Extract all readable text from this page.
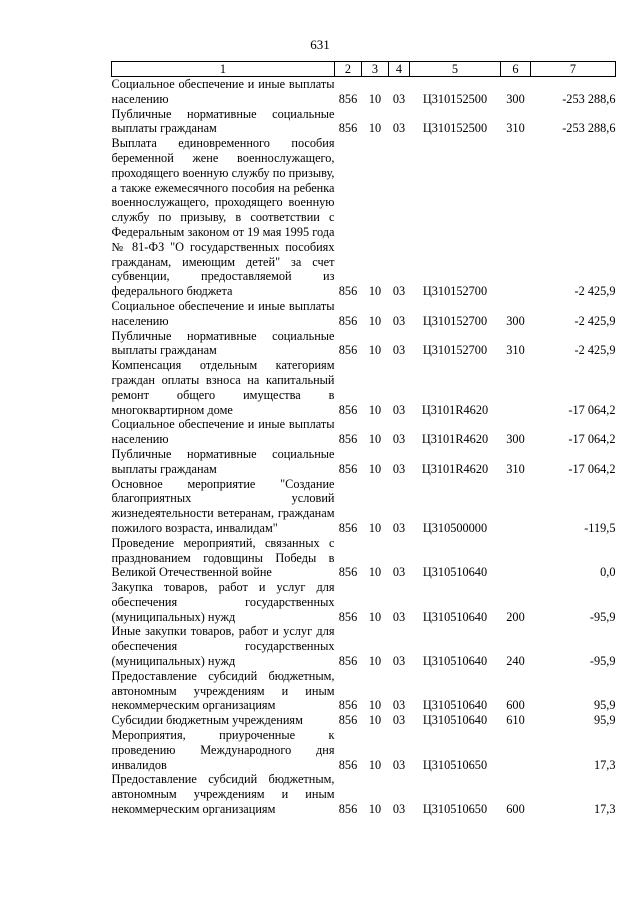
631
1	2	3	4	5	6	7
Социальное обеспечение и иные выплаты населению	856	10	03	Ц310152500	300	-253 288,6
Публичные нормативные социальные выплаты гражданам	856	10	03	Ц310152500	310	-253 288,6
Выплата единовременного пособия беременной жене военнослужащего, проходящего военную службу по призыву, а также ежемесячного пособия на ребенка военнослужащего, проходящего военную службу по призыву, в соответствии с Федеральным законом от 19 мая 1995 года № 81-ФЗ "О государственных пособиях гражданам, имеющим детей" за счет субвенции, предоставляемой из федерального бюджета	856	10	03	Ц310152700		-2 425,9
Социальное обеспечение и иные выплаты населению	856	10	03	Ц310152700	300	-2 425,9
Публичные нормативные социальные выплаты гражданам	856	10	03	Ц310152700	310	-2 425,9
Компенсация отдельным категориям граждан оплаты взноса на капитальный ремонт общего имущества в многоквартирном доме	856	10	03	Ц3101R4620		-17 064,2
Социальное обеспечение и иные выплаты населению	856	10	03	Ц3101R4620	300	-17 064,2
Публичные нормативные социальные выплаты гражданам	856	10	03	Ц3101R4620	310	-17 064,2
Основное мероприятие "Создание благоприятных условий жизнедеятельности ветеранам, гражданам пожилого возраста, инвалидам"	856	10	03	Ц310500000		-119,5
Проведение мероприятий, связанных с празднованием годовщины Победы в Великой Отечественной войне	856	10	03	Ц310510640		0,0
Закупка товаров, работ и услуг для обеспечения государственных (муниципальных) нужд	856	10	03	Ц310510640	200	-95,9
Иные закупки товаров, работ и услуг для обеспечения государственных (муниципальных) нужд	856	10	03	Ц310510640	240	-95,9
Предоставление субсидий бюджетным, автономным учреждениям и иным некоммерческим организациям	856	10	03	Ц310510640	600	95,9
Субсидии бюджетным учреждениям	856	10	03	Ц310510640	610	95,9
Мероприятия, приуроченные к проведению Международного дня инвалидов	856	10	03	Ц310510650		17,3
Предоставление субсидий бюджетным, автономным учреждениям и иным некоммерческим организациям	856	10	03	Ц310510650	600	17,3
